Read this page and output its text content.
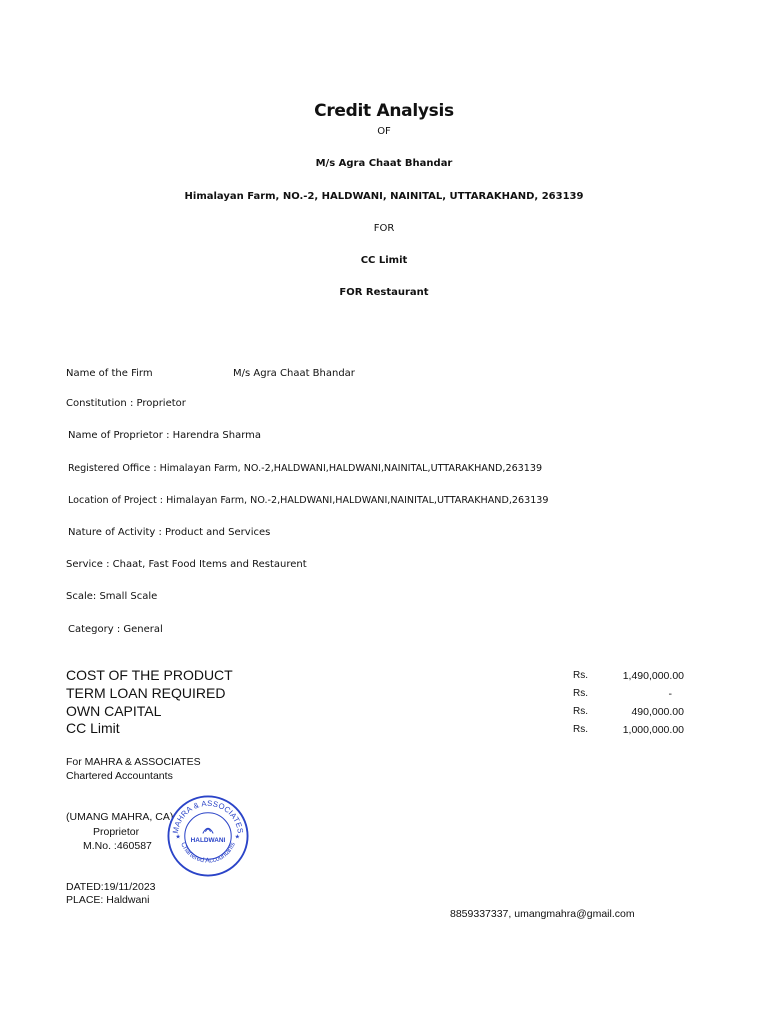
Credit Analysis
OF
M/s Agra Chaat Bhandar
Himalayan Farm, NO.-2, HALDWANI, NAINITAL, UTTARAKHAND, 263139
FOR
CC Limit
FOR Restaurant
Name of the Firm	M/s Agra Chaat Bhandar
Constitution : Proprietor
Name of Proprietor : Harendra Sharma
Registered Office : Himalayan Farm, NO.-2,HALDWANI,HALDWANI,NAINITAL,UTTARAKHAND,263139
Location of Project : Himalayan Farm, NO.-2,HALDWANI,HALDWANI,NAINITAL,UTTARAKHAND,263139
Nature of Activity : Product and Services
Service : Chaat, Fast Food Items and Restaurent
Scale: Small Scale
Category : General
COST OF THE PRODUCT	Rs.	1,490,000.00
TERM LOAN REQUIRED	Rs.	-
OWN CAPITAL	Rs.	490,000.00
CC Limit	Rs.	1,000,000.00
For MAHRA & ASSOCIATES
Chartered Accountants
(UMANG MAHRA, CA)
Proprietor
M.No. :460587
DATED:19/11/2023
PLACE: Haldwani
8859337337, umangmahra@gmail.com
MAHRA & ASSOCIATES
Chartered Accountants
HALDWANI
★	★
